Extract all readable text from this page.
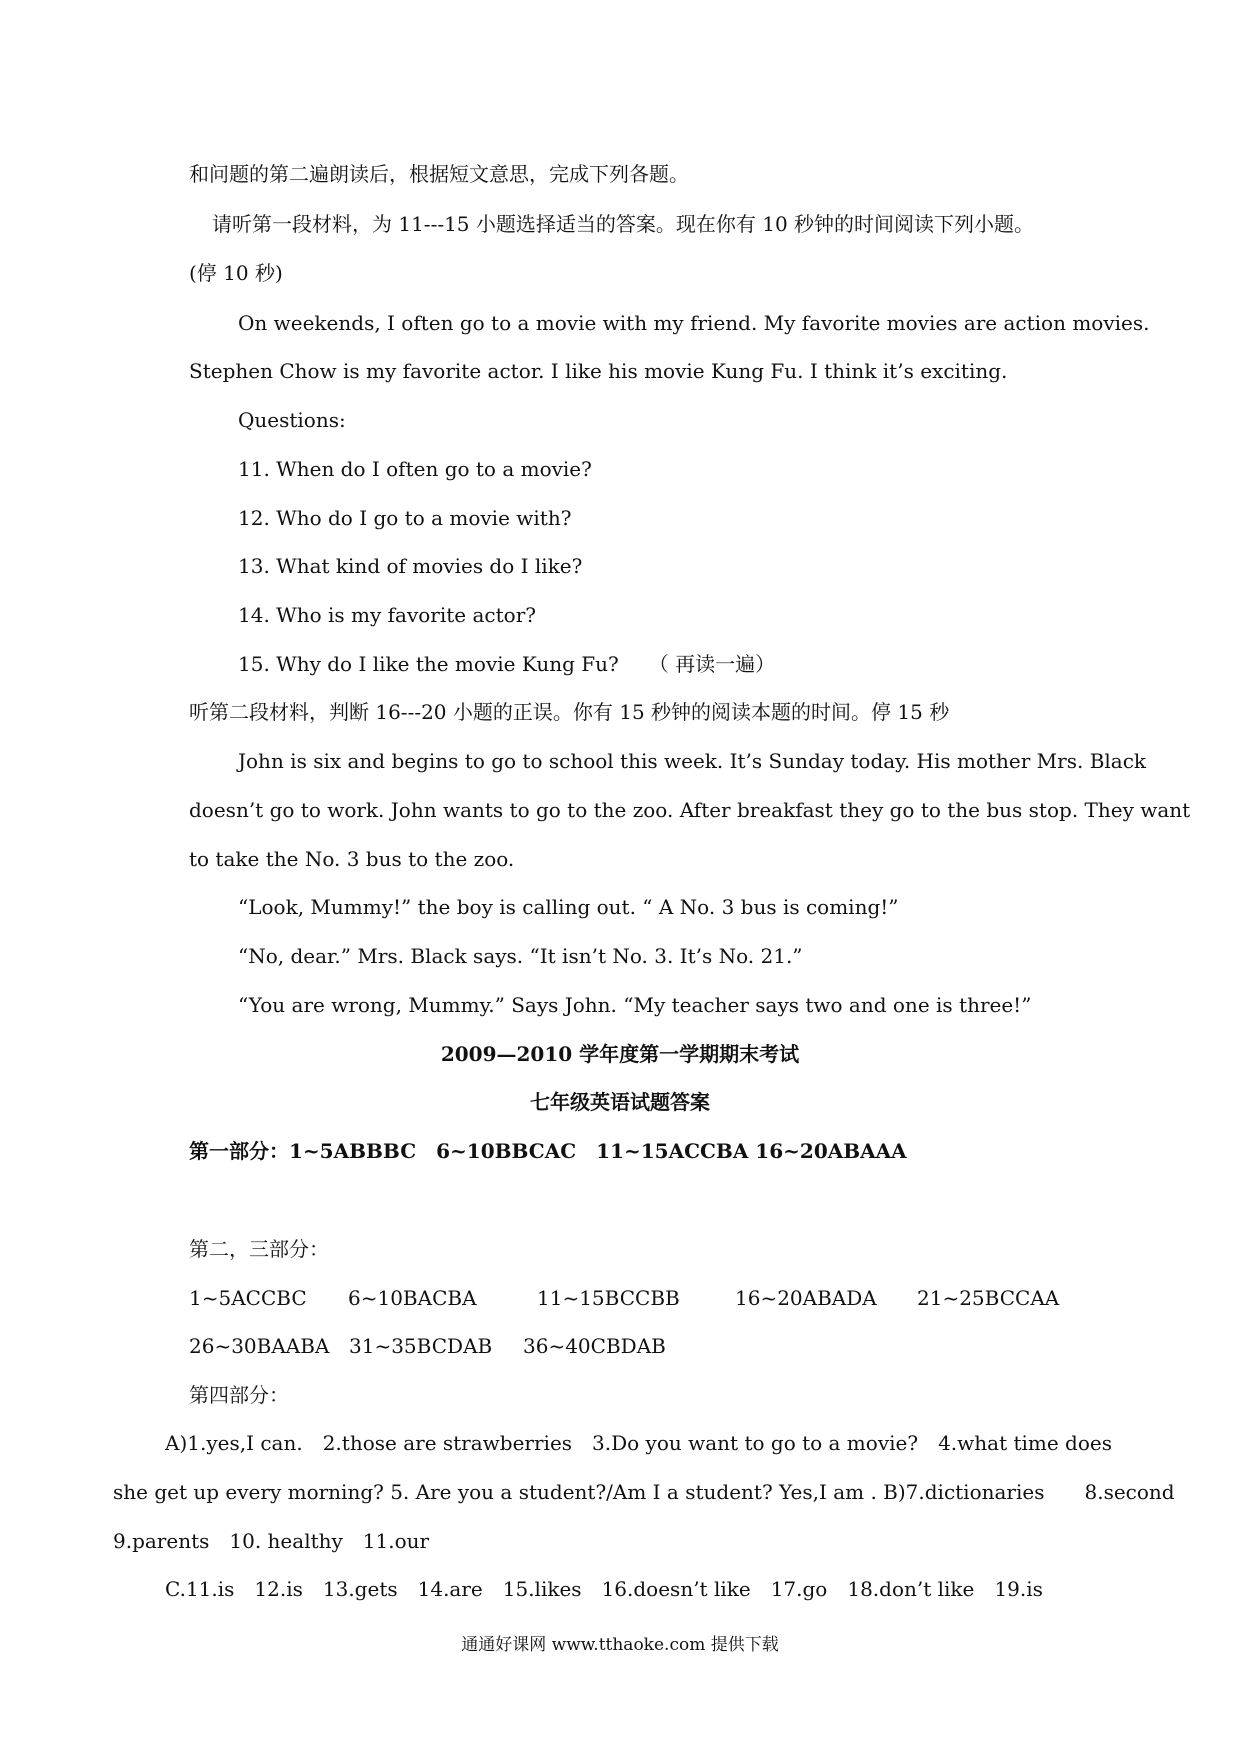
和问题的第二遍朗读后，根据短文意思，完成下列各题。
请听第一段材料，为 11---15 小题选择适当的答案。现在你有 10 秒钟的时间阅读下列小题。
(停 10 秒)
On weekends, I often go to a movie with my friend. My favorite movies are action movies.
Stephen Chow is my favorite actor. I like his movie Kung Fu. I think it’s exciting.
Questions:
11. When do I often go to a movie?
12. Who do I go to a movie with?
13. What kind of movies do I like?
14. Who is my favorite actor?
15. Why do I like the movie Kung Fu?　　（ 再读一遍）
听第二段材料，判断 16---20 小题的正误。你有 15 秒钟的阅读本题的时间。停 15 秒
John is six and begins to go to school this week. It’s Sunday today. His mother Mrs. Black
doesn’t go to work. John wants to go to the zoo. After breakfast they go to the bus stop. They want
to take the No. 3 bus to the zoo.
“Look, Mummy!” the boy is calling out. “ A No. 3 bus is coming!”
“No, dear.” Mrs. Black says. “It isn’t No. 3. It’s No. 21.”
“You are wrong, Mummy.” Says John. “My teacher says two and one is three!”
2009—2010 学年度第一学期期末考试
七年级英语试题答案
第一部分：1~5ABBBC　6~10BBCAC　11~15ACCBA 16~20ABAAA
第二，三部分：
1~5ACCBC 6~10BACBA	11~15BCCBB	16~20ABADA 21~25BCCAA
26~30BAABA 31~35BCDAB 36~40CBDAB
第四部分：
A)1.yes,I can.　2.those are strawberries　3.Do you want to go to a movie?　4.what time does
she get up every morning? 5. Are you a student?/Am I a student? Yes,I am . B)7.dictionaries　　8.second
9.parents　10. healthy　11.our
C.11.is　12.is　13.gets　14.are　15.likes　16.doesn’t like　17.go　18.don’t like　19.is
通通好课网 www.tthaoke.com 提供下载
